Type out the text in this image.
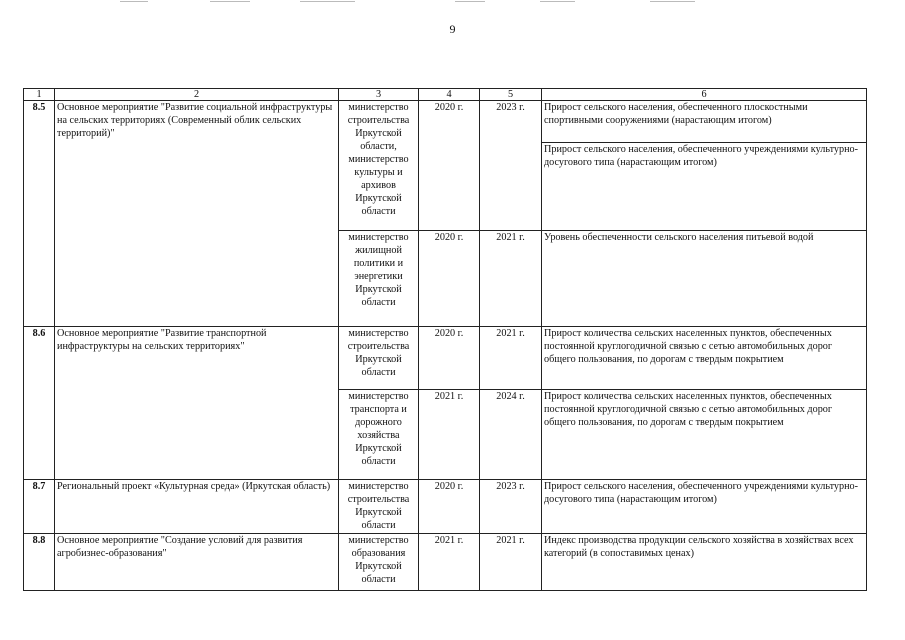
9
1	2	3	4	5	6
8.5	Основное мероприятие "Развитие социальной инфраструктуры на сельских территориях (Современный облик сельских территорий)"	министерство строительства Иркутской области, министерство культуры и архивов Иркутской области	2020 г.	2023 г.	Прирост сельского населения, обеспеченного плоскостными спортивными сооружениями (нарастающим итогом)
					Прирост сельского населения, обеспеченного учреждениями культурно-досугового типа (нарастающим итогом)
		министерство жилищной политики и энергетики Иркутской области	2020 г.	2021 г.	Уровень обеспеченности сельского населения питьевой водой
8.6	Основное мероприятие "Развитие транспортной инфраструктуры на сельских территориях"	министерство строительства Иркутской области	2020 г.	2021 г.	Прирост количества сельских населенных пунктов, обеспеченных постоянной круглогодичной связью с сетью автомобильных дорог общего пользования, по дорогам с твердым покрытием
		министерство транспорта и дорожного хозяйства Иркутской области	2021 г.	2024 г.	Прирост количества сельских населенных пунктов, обеспеченных постоянной круглогодичной связью с сетью автомобильных дорог общего пользования, по дорогам с твердым покрытием
8.7	Региональный проект «Культурная среда» (Иркутская область)	министерство строительства Иркутской области	2020 г.	2023 г.	Прирост сельского населения, обеспеченного учреждениями культурно-досугового типа (нарастающим итогом)
8.8	Основное мероприятие "Создание условий для развития агробизнес-образования"	министерство образования Иркутской области	2021 г.	2021 г.	Индекс производства продукции сельского хозяйства в хозяйствах всех категорий (в сопоставимых ценах)
